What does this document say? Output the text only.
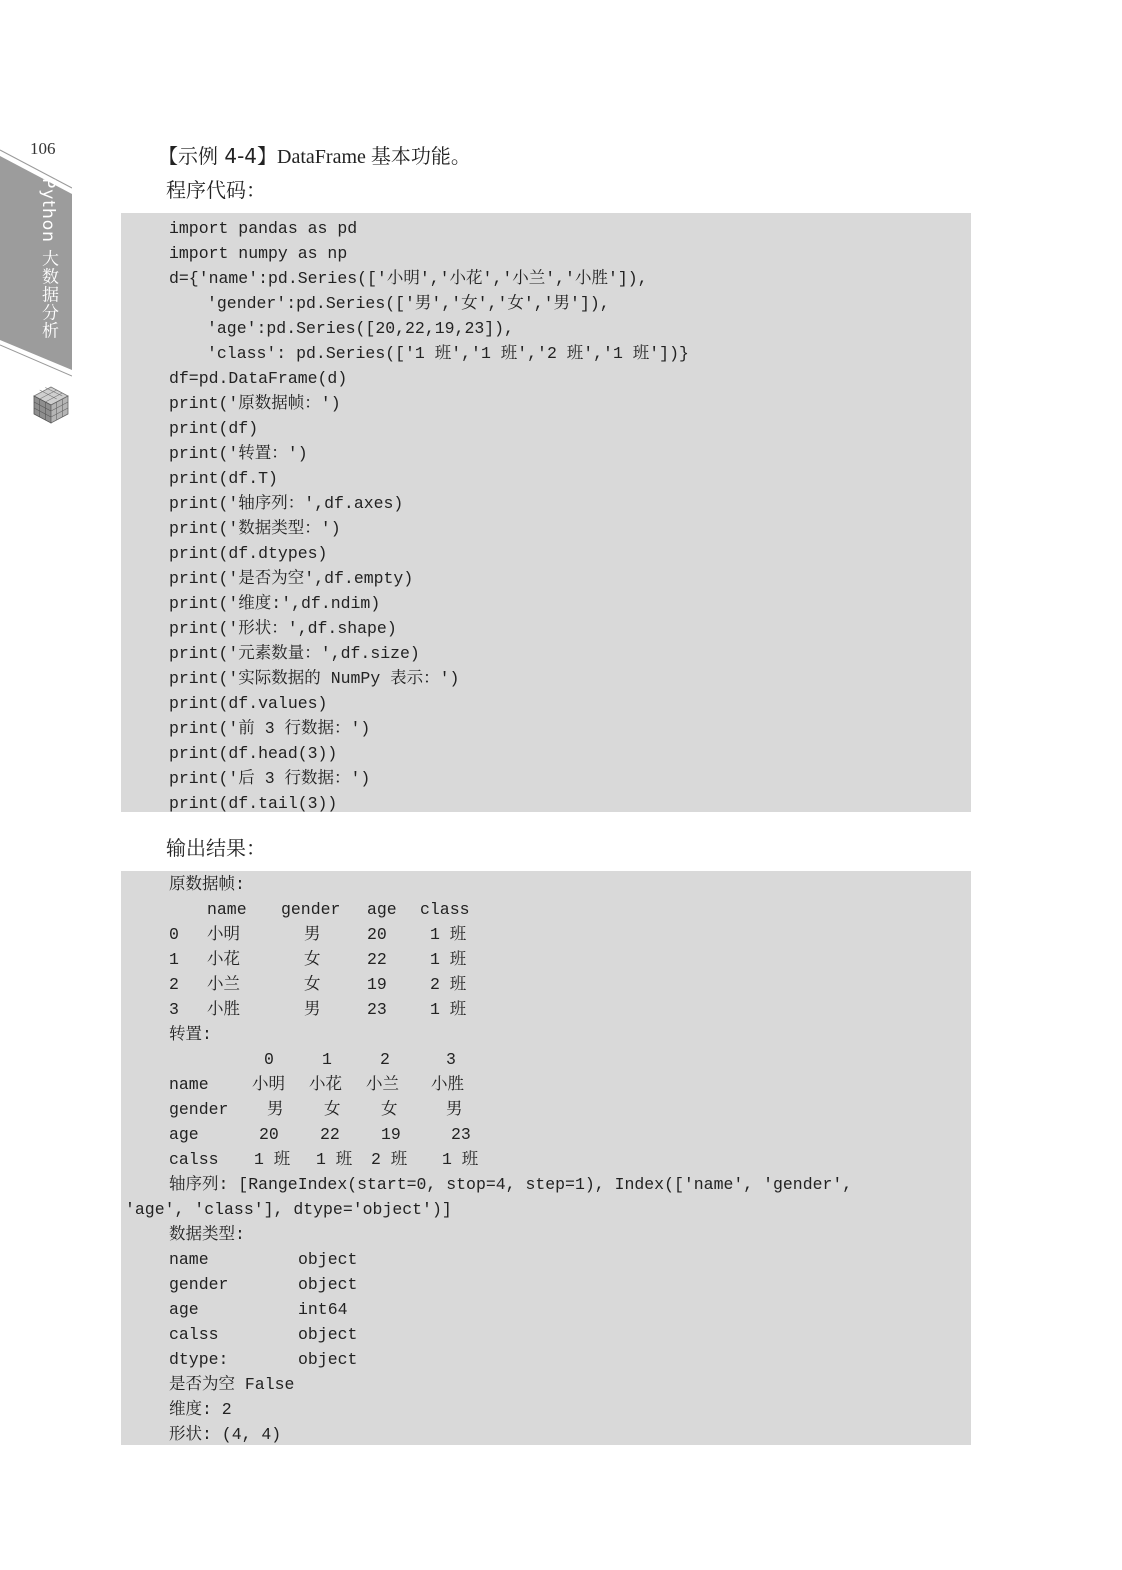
106
Python 大数据分析
【示例 4-4】DataFrame 基本功能。
程序代码：
import pandas as pd
import numpy as np
d={'name':pd.Series(['小明','小花','小兰','小胜']),
'gender':pd.Series(['男','女','女','男']),
'age':pd.Series([20,22,19,23]),
'class': pd.Series(['1 班','1 班','2 班','1 班'])}
df=pd.DataFrame(d)
print('原数据帧：')
print(df)
print('转置：')
print(df.T)
print('轴序列：',df.axes)
print('数据类型：')
print(df.dtypes)
print('是否为空',df.empty)
print('维度:',df.ndim)
print('形状：',df.shape)
print('元素数量：',df.size)
print('实际数据的 NumPy 表示：')
print(df.values)
print('前 3 行数据：')
print(df.head(3))
print('后 3 行数据：')
print(df.tail(3))
输出结果：
原数据帧:
name gender age class
0 小明	男	20	1 班
1 小花	女	22	1 班
2 小兰	女	19	2 班
3 小胜	男	23	1 班
转置:
0	1	2	3
name	小明 小花 小兰 小胜
gender 男 女 女	男
age	20 22 19	23
calss 1 班 1 班 2 班 1 班
轴序列: [RangeIndex(start=0, stop=4, step=1), Index(['name', 'gender',
'age', 'class'], dtype='object')]
数据类型:
name	object
gender	object
age	int64
calss	object
dtype:	object
是否为空 False
维度: 2
形状: (4, 4)
